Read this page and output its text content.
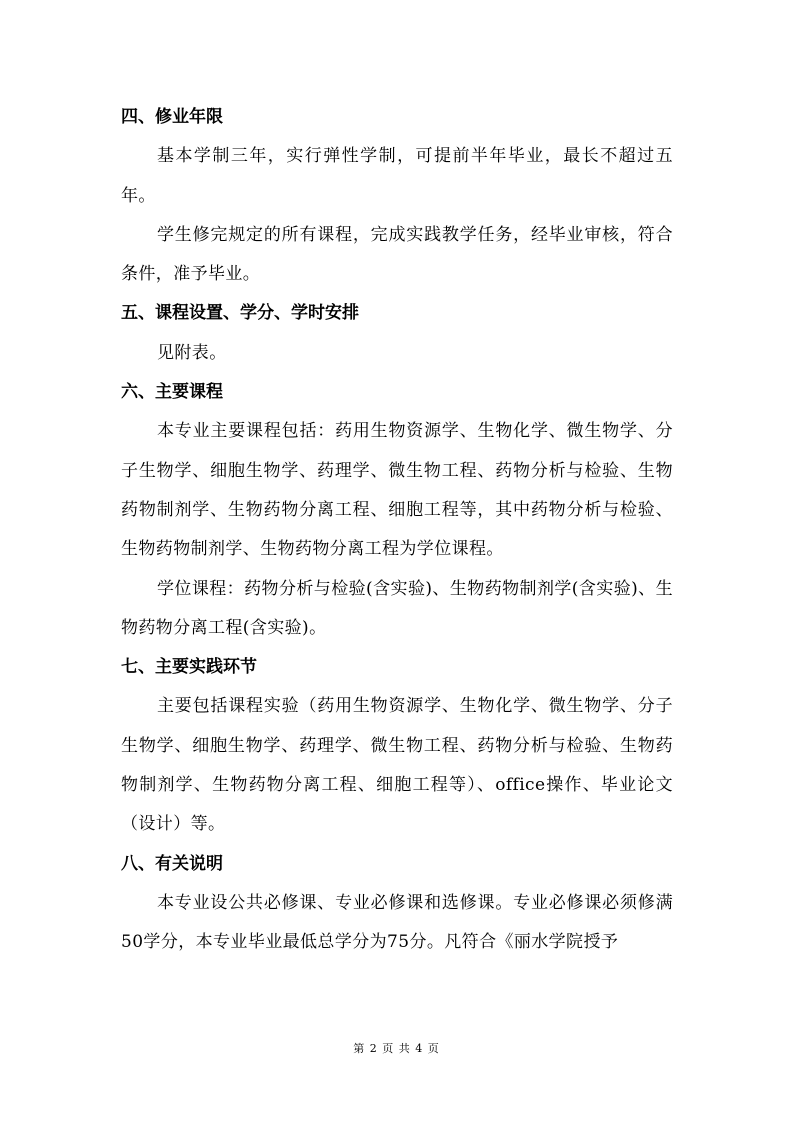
四、修业年限

基本学制三年，实行弹性学制，可提前半年毕业，最长不超过五年。

学生修完规定的所有课程，完成实践教学任务，经毕业审核，符合条件，准予毕业。

五、课程设置、学分、学时安排

见附表。

六、主要课程

本专业主要课程包括：药用生物资源学、生物化学、微生物学、分子生物学、细胞生物学、药理学、微生物工程、药物分析与检验、生物药物制剂学、生物药物分离工程、细胞工程等，其中药物分析与检验、生物药物制剂学、生物药物分离工程为学位课程。

学位课程：药物分析与检验(含实验)、生物药物制剂学(含实验)、生物药物分离工程(含实验)。

七、主要实践环节

主要包括课程实验（药用生物资源学、生物化学、微生物学、分子生物学、细胞生物学、药理学、微生物工程、药物分析与检验、生物药物制剂学、生物药物分离工程、细胞工程等）、office操作、毕业论文（设计）等。

八、有关说明

本专业设公共必修课、专业必修课和选修课。专业必修课必须修满50学分，本专业毕业最低总学分为75分。凡符合《丽水学院授予

第 2 页 共 4 页
